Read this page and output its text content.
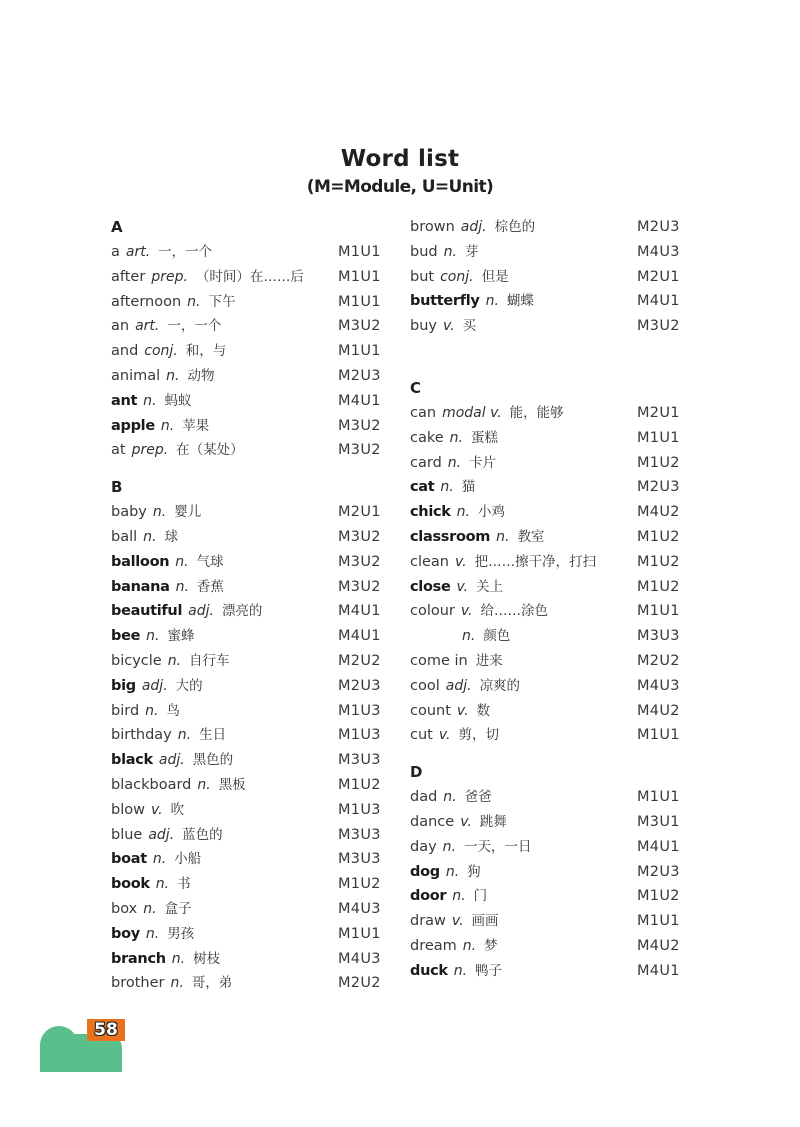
Word list
(M=Module, U=Unit)
A
a art. 一，一个	M1U1
after prep. （时间）在……后 M1U1
afternoon n. 下午	M1U1
an art. 一，一个	M3U2
and conj. 和，与	M1U1
animal n. 动物	M2U3
ant n. 蚂蚁	M4U1
apple n. 苹果	M3U2
at prep. 在（某处）	M3U2
B
baby n. 婴儿	M2U1
ball n. 球	M3U2
balloon n. 气球	M3U2
banana n. 香蕉	M3U2
beautiful adj. 漂亮的	M4U1
bee n. 蜜蜂	M4U1
bicycle n. 自行车	M2U2
big adj. 大的	M2U3
bird n. 鸟	M1U3
birthday n. 生日	M1U3
black adj. 黑色的	M3U3
blackboard n. 黑板	M1U2
blow v. 吹	M1U3
blue adj. 蓝色的	M3U3
boat n. 小船	M3U3
book n. 书	M1U2
box n. 盒子	M4U3
boy n. 男孩	M1U1
branch n. 树枝	M4U3
brother n. 哥，弟	M2U2
brown adj. 棕色的	M2U3
bud n. 芽	M4U3
but conj. 但是	M2U1
butterfly n. 蝴蝶	M4U1
buy v. 买	M3U2
C
can modal v. 能，能够	M2U1
cake n. 蛋糕	M1U1
card n. 卡片	M1U2
cat n. 猫	M2U3
chick n. 小鸡	M4U2
classroom n. 教室	M1U2
clean v. 把……擦干净，打扫	M1U2
close v. 关上	M1U2
colour v. 给……涂色	M1U1
n. 颜色	M3U3
come in 进来	M2U2
cool adj. 凉爽的	M4U3
count v. 数	M4U2
cut v. 剪，切	M1U1
D
dad n. 爸爸	M1U1
dance v. 跳舞	M3U1
day n. 一天，一日	M4U1
dog n. 狗	M2U3
door n. 门	M1U2
draw v. 画画	M1U1
dream n. 梦	M4U2
duck n. 鸭子	M4U1
58
